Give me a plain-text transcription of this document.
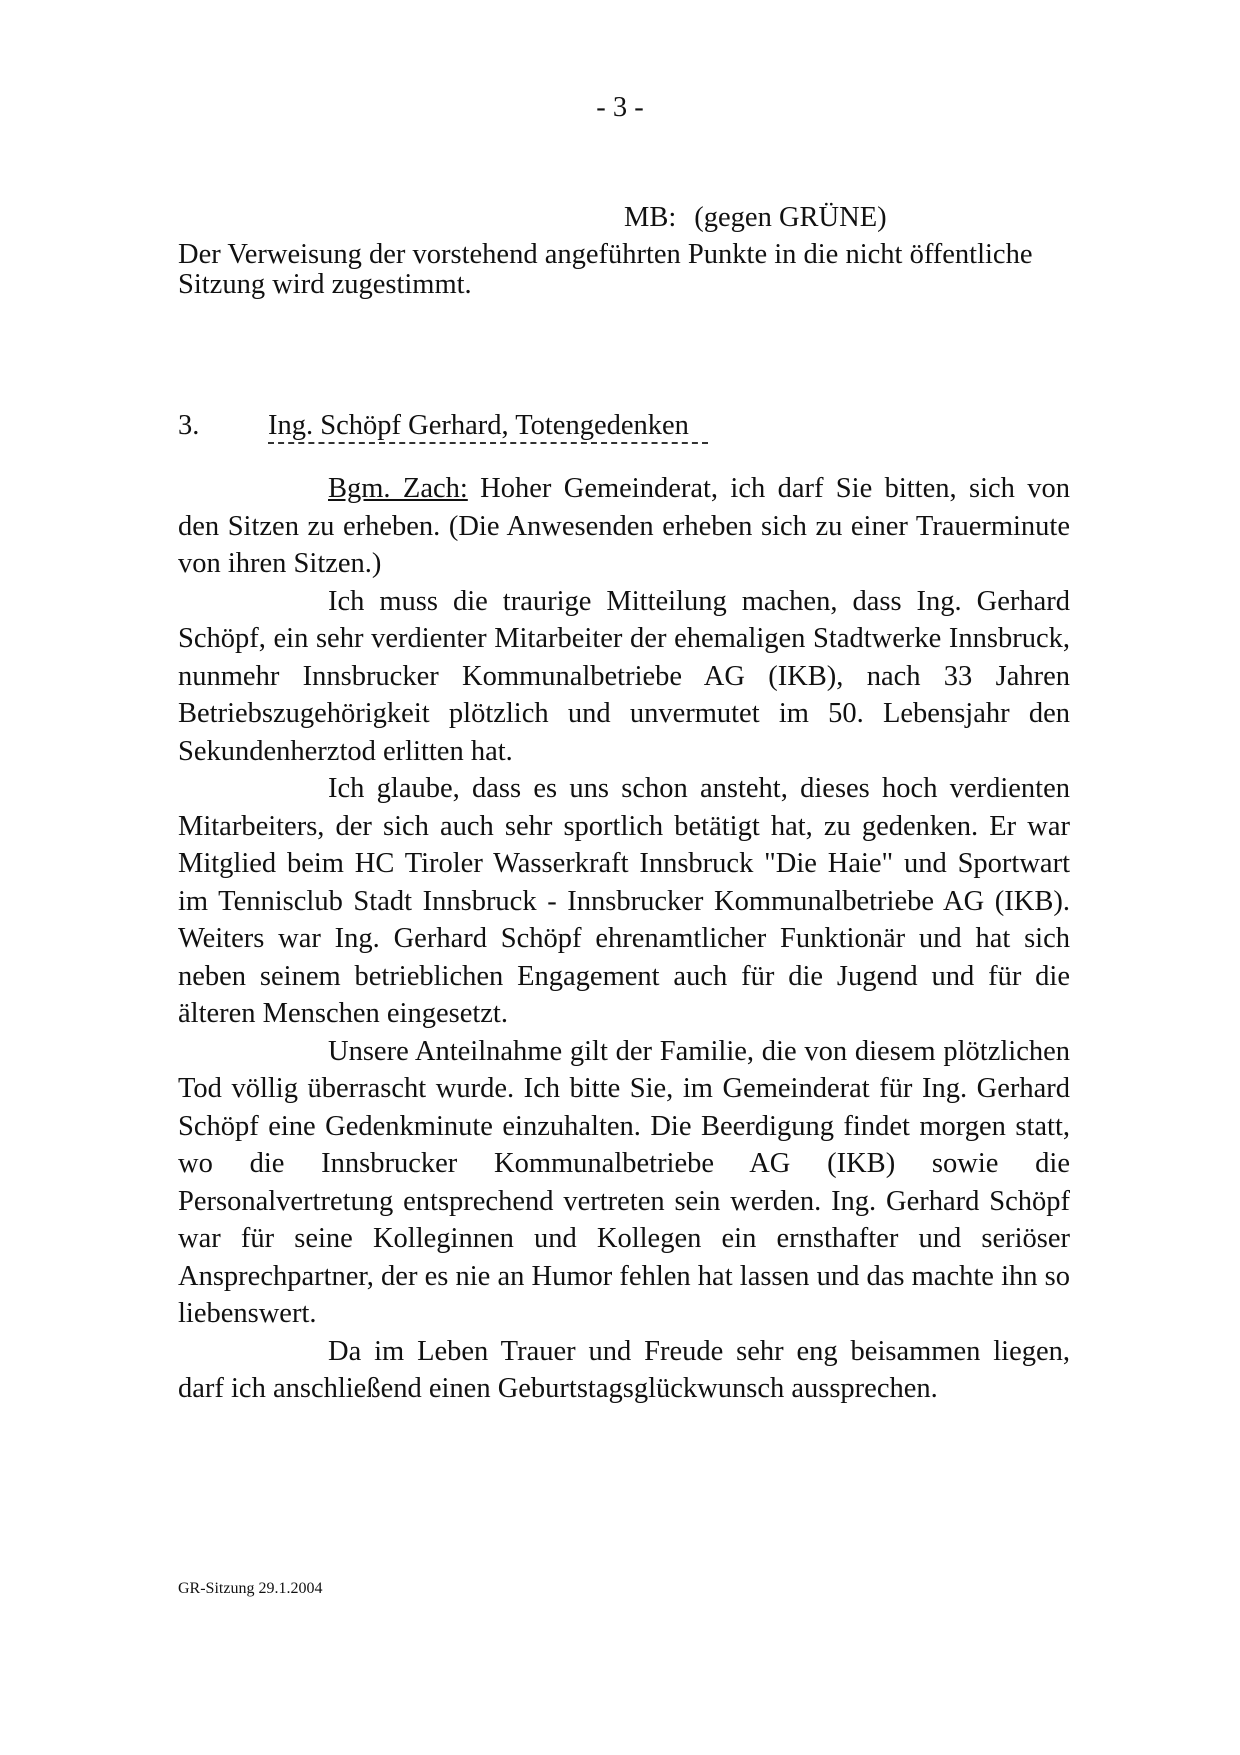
- 3 -
MB: (gegen GRÜNE)
Der Verweisung der vorstehend angeführten Punkte in die nicht öffentliche Sitzung wird zugestimmt.
3. Ing. Schöpf Gerhard, Totengedenken

Bgm. Zach: Hoher Gemeinderat, ich darf Sie bitten, sich von den Sitzen zu erheben. (Die Anwesenden erheben sich zu einer Trauerminute von ihren Sitzen.)

Ich muss die traurige Mitteilung machen, dass Ing. Gerhard Schöpf, ein sehr verdienter Mitarbeiter der ehemaligen Stadtwerke Innsbruck, nunmehr Innsbrucker Kommunalbetriebe AG (IKB), nach 33 Jahren Betriebszugehörigkeit plötzlich und unvermutet im 50. Lebensjahr den Sekundenherztod erlitten hat.

Ich glaube, dass es uns schon ansteht, dieses hoch verdienten Mitarbeiters, der sich auch sehr sportlich betätigt hat, zu gedenken. Er war Mitglied beim HC Tiroler Wasserkraft Innsbruck "Die Haie" und Sportwart im Tennisclub Stadt Innsbruck - Innsbrucker Kommunalbetriebe AG (IKB). Weiters war Ing. Gerhard Schöpf ehrenamtlicher Funktionär und hat sich neben seinem betrieblichen Engagement auch für die Jugend und für die älteren Menschen eingesetzt.

Unsere Anteilnahme gilt der Familie, die von diesem plötzlichen Tod völlig überrascht wurde. Ich bitte Sie, im Gemeinderat für Ing. Gerhard Schöpf eine Gedenkminute einzuhalten. Die Beerdigung findet morgen statt, wo die Innsbrucker Kommunalbetriebe AG (IKB) sowie die Personalvertretung entsprechend vertreten sein werden. Ing. Gerhard Schöpf war für seine Kolleginnen und Kollegen ein ernsthafter und seriöser Ansprechpartner, der es nie an Humor fehlen hat lassen und das machte ihn so liebenswert.

Da im Leben Trauer und Freude sehr eng beisammen liegen, darf ich anschließend einen Geburtstagsglückwunsch aussprechen.

GR-Sitzung 29.1.2004
